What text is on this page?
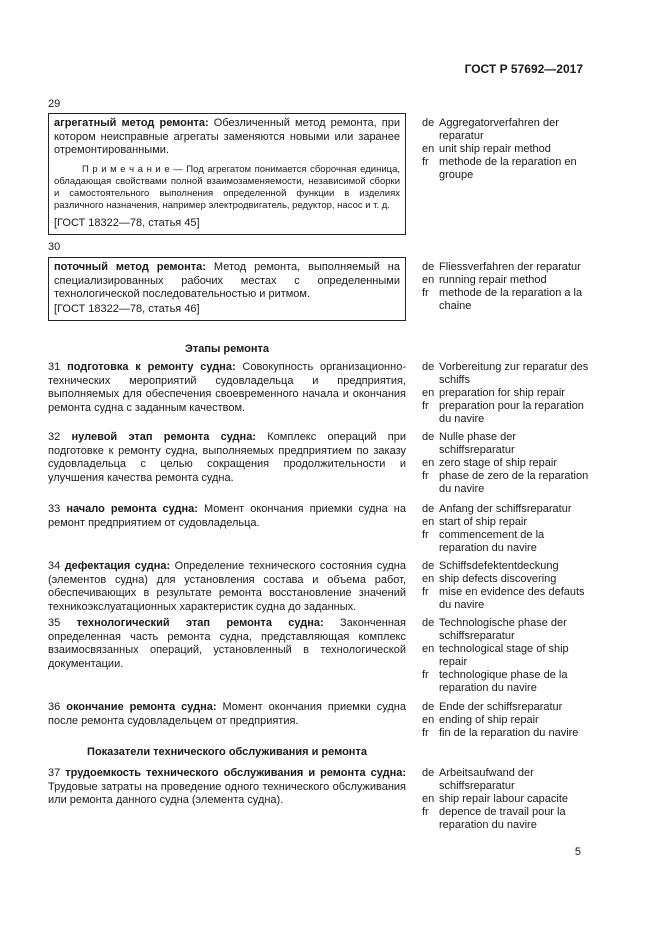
ГОСТ Р 57692—2017
29
агрегатный метод ремонта: Обезличенный метод ремонта, при котором неисправные агрегаты заменяются новыми или заранее отремонтированными.
П р и м е ч а н и е — Под агрегатом понимается сборочная единица, обладающая свойствами полной взаимозаменяемости, независимой сборки и самостоятельного выполнения определенной функции в изделиях различного назначения, например электродвигатель, редуктор, насос и т. д.
[ГОСТ 18322—78, статья 45]
de Aggregatorverfahren der reparatur
en unit ship repair method
fr methode de la reparation en groupe
30
поточный метод ремонта: Метод ремонта, выполняемый на специализированных рабочих местах с определенными технологической последовательностью и ритмом.
[ГОСТ 18322—78, статья 46]
de Fliessverfahren der reparatur
en running repair method
fr methode de la reparation a la chaine
Этапы ремонта
31 подготовка к ремонту судна: Совокупность организационно-технических мероприятий судовладельца и предприятия, выполняемых для обеспечения своевременного начала и окончания ремонта судна с заданным качеством.
de Vorbereitung zur reparatur des schiffs
en preparation for ship repair
fr preparation pour la reparation du navire
32 нулевой этап ремонта судна: Комплекс операций при подготовке к ремонту судна, выполняемых предприятием по заказу судовладельца с целью сокращения продолжительности и улучшения качества ремонта судна.
de Nulle phase der schiffsreparatur
en zero stage of ship repair
fr phase de zero de la reparation du navire
33 начало ремонта судна: Момент окончания приемки судна на ремонт предприятием от судовладельца.
de Anfang der schiffsreparatur
en start of ship repair
fr commencement de la reparation du navire
34 дефектация судна: Определение технического состояния судна (элементов судна) для установления состава и объема работ, обеспечивающих в результате ремонта восстановление значений техникоэкслуатационных характеристик судна до заданных.
de Schiffsdefektentdeckung
en ship defects discovering
fr mise en evidence des defauts du navire
35 технологический этап ремонта судна: Законченная определенная часть ремонта судна, представляющая комплекс взаимосвязанных операций, установленный в технологической документации.
de Technologische phase der schiffsreparatur
en technological stage of ship repair
fr technologique phase de la reparation du navire
36 окончание ремонта судна: Момент окончания приемки судна после ремонта судовладельцем от предприятия.
de Ende der schiffsreparatur
en ending of ship repair
fr fin de la reparation du navire
Показатели технического обслуживания и ремонта
37 трудоемкость технического обслуживания и ремонта судна: Трудовые затраты на проведение одного технического обслуживания или ремонта данного судна (элемента судна).
de Arbeitsaufwand der schiffsreparatur
en ship repair labour capacite
fr depence de travail pour la reparation du navire
5
